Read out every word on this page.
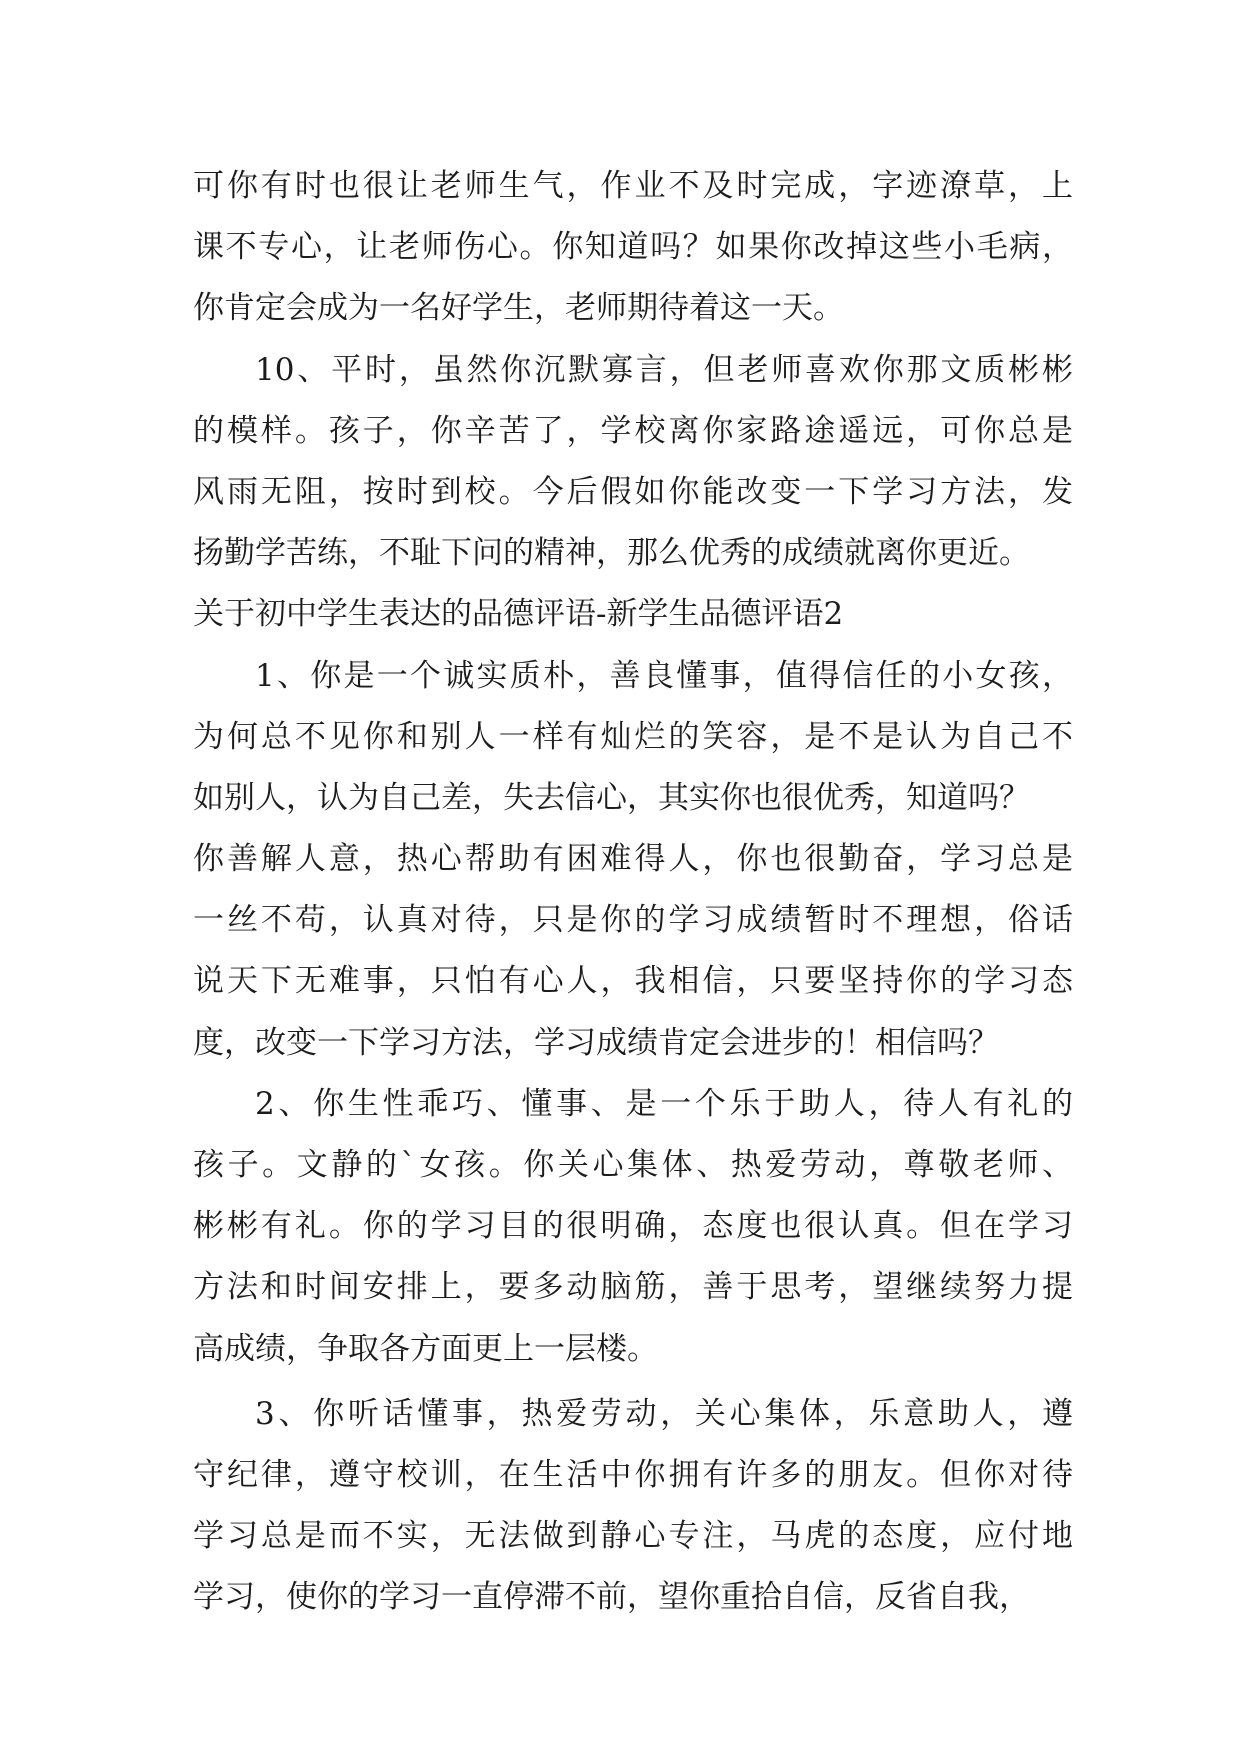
可你有时也很让老师生气，作业不及时完成，字迹潦草，上
课不专心，让老师伤心。你知道吗？如果你改掉这些小毛病，
你肯定会成为一名好学生，老师期待着这一天。
10、平时，虽然你沉默寡言，但老师喜欢你那文质彬彬
的模样。孩子，你辛苦了，学校离你家路途遥远，可你总是
风雨无阻，按时到校。今后假如你能改变一下学习方法，发
扬勤学苦练，不耻下问的精神，那么优秀的成绩就离你更近。
关于初中学生表达的品德评语-新学生品德评语2
1、你是一个诚实质朴，善良懂事，值得信任的小女孩，
为何总不见你和别人一样有灿烂的笑容，是不是认为自己不
如别人，认为自己差，失去信心，其实你也很优秀，知道吗？
你善解人意，热心帮助有困难得人，你也很勤奋，学习总是
一丝不苟，认真对待，只是你的学习成绩暂时不理想，俗话
说天下无难事，只怕有心人，我相信，只要坚持你的学习态
度，改变一下学习方法，学习成绩肯定会进步的！相信吗？
2、你生性乖巧、懂事、是一个乐于助人，待人有礼的
孩子。文静的`女孩。你关心集体、热爱劳动，尊敬老师、
彬彬有礼。你的学习目的很明确，态度也很认真。但在学习
方法和时间安排上，要多动脑筋，善于思考，望继续努力提
高成绩，争取各方面更上一层楼。
3、你听话懂事，热爱劳动，关心集体，乐意助人，遵
守纪律，遵守校训，在生活中你拥有许多的朋友。但你对待
学习总是而不实，无法做到静心专注，马虎的态度，应付地
学习，使你的学习一直停滞不前，望你重拾自信，反省自我，
